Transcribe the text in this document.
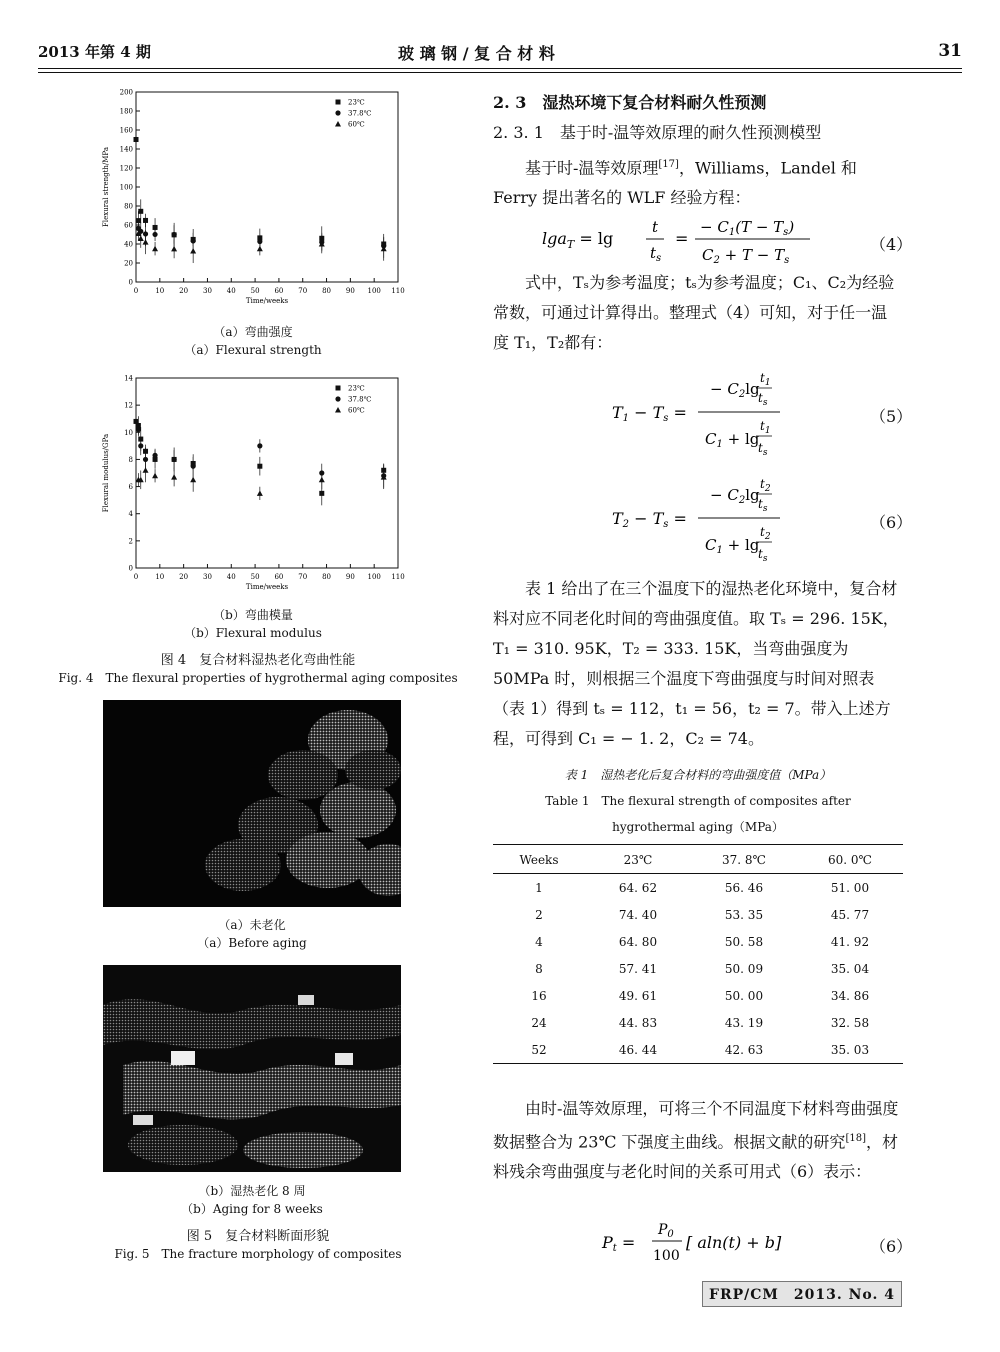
2013 年第 4 期	玻 璃 钢 / 复 合 材 料	31
0 10 20 30 40 50 60 70 80 90 100 110
0
20
40
60
80
100
120
140
160
180
200
Time/weeks
Flexural strength/MPa
23℃
37.8℃
60℃
（a）弯曲强度
（a）Flexural strength
0 10 20 30 40 50 60 70 80 90 100 110
0
2
4
6
8
10
12
14
Time/weeks
Flexural modulus/GPa
23℃
37.8℃
60℃
（b）弯曲模量
（b）Flexural modulus
图 4　复合材料湿热老化弯曲性能
Fig. 4　The flexural properties of hygrothermal aging composites
（a）未老化
（a）Before aging
（b）湿热老化 8 周
（b）Aging for 8 weeks
图 5　复合材料断面形貌
Fig. 5　The fracture morphology of composites
2. 3　湿热环境下复合材料耐久性预测
2. 3. 1　基于时-温等效原理的耐久性预测模型
　　基于时-温等效原理[17]，Williams，Landel 和 Ferry 提出著名的 WLF 经验方程：
lga$_T$ = lg
t
$t_s$
=
− $C_1(T - T_s)$
$C_2 + T - T_s$
（4）
　　式中，Tₛ为参考温度；tₛ为参考温度；C₁、C₂为经验常数，可通过计算得出。整理式（4）可知，对于任一温度 T₁，T₂都有：
T1 − Ts =
− $C_2\lg$
$t_1$
$t_s$
$C_1 + \lg$
$t_1$
$t_s$
（5）
T2 − Ts =
− $C_2\lg$
$t_2$
$t_s$
$C_1 + \lg$
$t_2$
$t_s$
（6）
　　表 1 给出了在三个温度下的湿热老化环境中，复合材料对应不同老化时间的弯曲强度值。取 Tₛ = 296. 15K，T₁ = 310. 95K，T₂ = 333. 15K，当弯曲强度为 50MPa 时，则根据三个温度下弯曲强度与时间对照表（表 1）得到 tₛ = 112，t₁ = 56，t₂ = 7。带入上述方程，可得到 C₁ = − 1. 2，C₂ = 74。
表 1　湿热老化后复合材料的弯曲强度值（MPa）
Table 1　The flexural strength of composites after
hygrothermal aging（MPa）
Weeks	23℃	37. 8℃	60. 0℃
1	64. 62	56. 46	51. 00
2	74. 40	53. 35	45. 77
4	64. 80	50. 58	41. 92
8	57. 41	50. 09	35. 04
16	49. 61	50. 00	34. 86
24	44. 83	43. 19	32. 58
52	46. 44	42. 63	35. 03
　　由时-温等效原理，可将三个不同温度下材料弯曲强度数据整合为 23℃ 下强度主曲线。根据文献的研究[18]，材料残余弯曲强度与老化时间的关系可用式（6）表示：
Pt =
$P_0$
100
[ aln(t) + b]	（6）
FRP/CM　2013. No. 4
